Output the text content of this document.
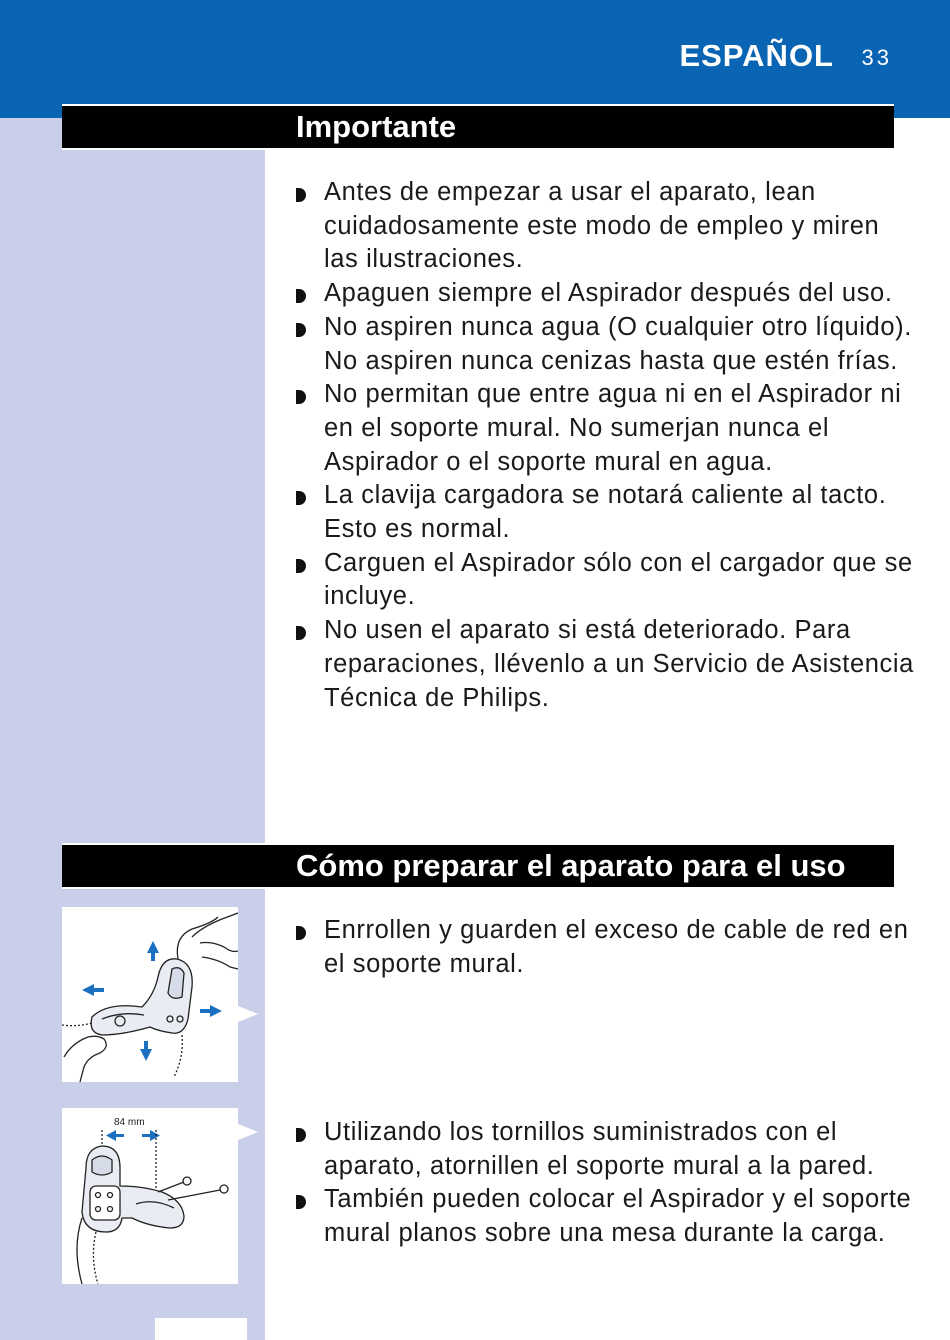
ESPAÑOL 33
Importante
Antes de empezar a usar el aparato, lean cuidadosamente este modo de empleo y miren las ilustraciones.
Apaguen siempre el Aspirador después del uso.
No aspiren nunca agua (O cualquier otro líquido). No aspiren nunca cenizas hasta que estén frías.
No permitan que entre agua ni en el Aspirador ni en el soporte mural. No sumerjan nunca el Aspirador o el soporte mural en agua.
La clavija cargadora se notará caliente al tacto. Esto es normal.
Carguen el Aspirador sólo con el cargador que se incluye.
No usen el aparato si está deteriorado. Para reparaciones, llévenlo a un Servicio de Asistencia Técnica de Philips.
Cómo preparar el aparato para el uso
Enrrollen y guarden el exceso de cable de red en el soporte mural.
84 mm	Utilizando los tornillos suministrados con el aparato, atornillen el soporte mural a la pared.
También pueden colocar el Aspirador y el soporte mural planos sobre una mesa durante la carga.
